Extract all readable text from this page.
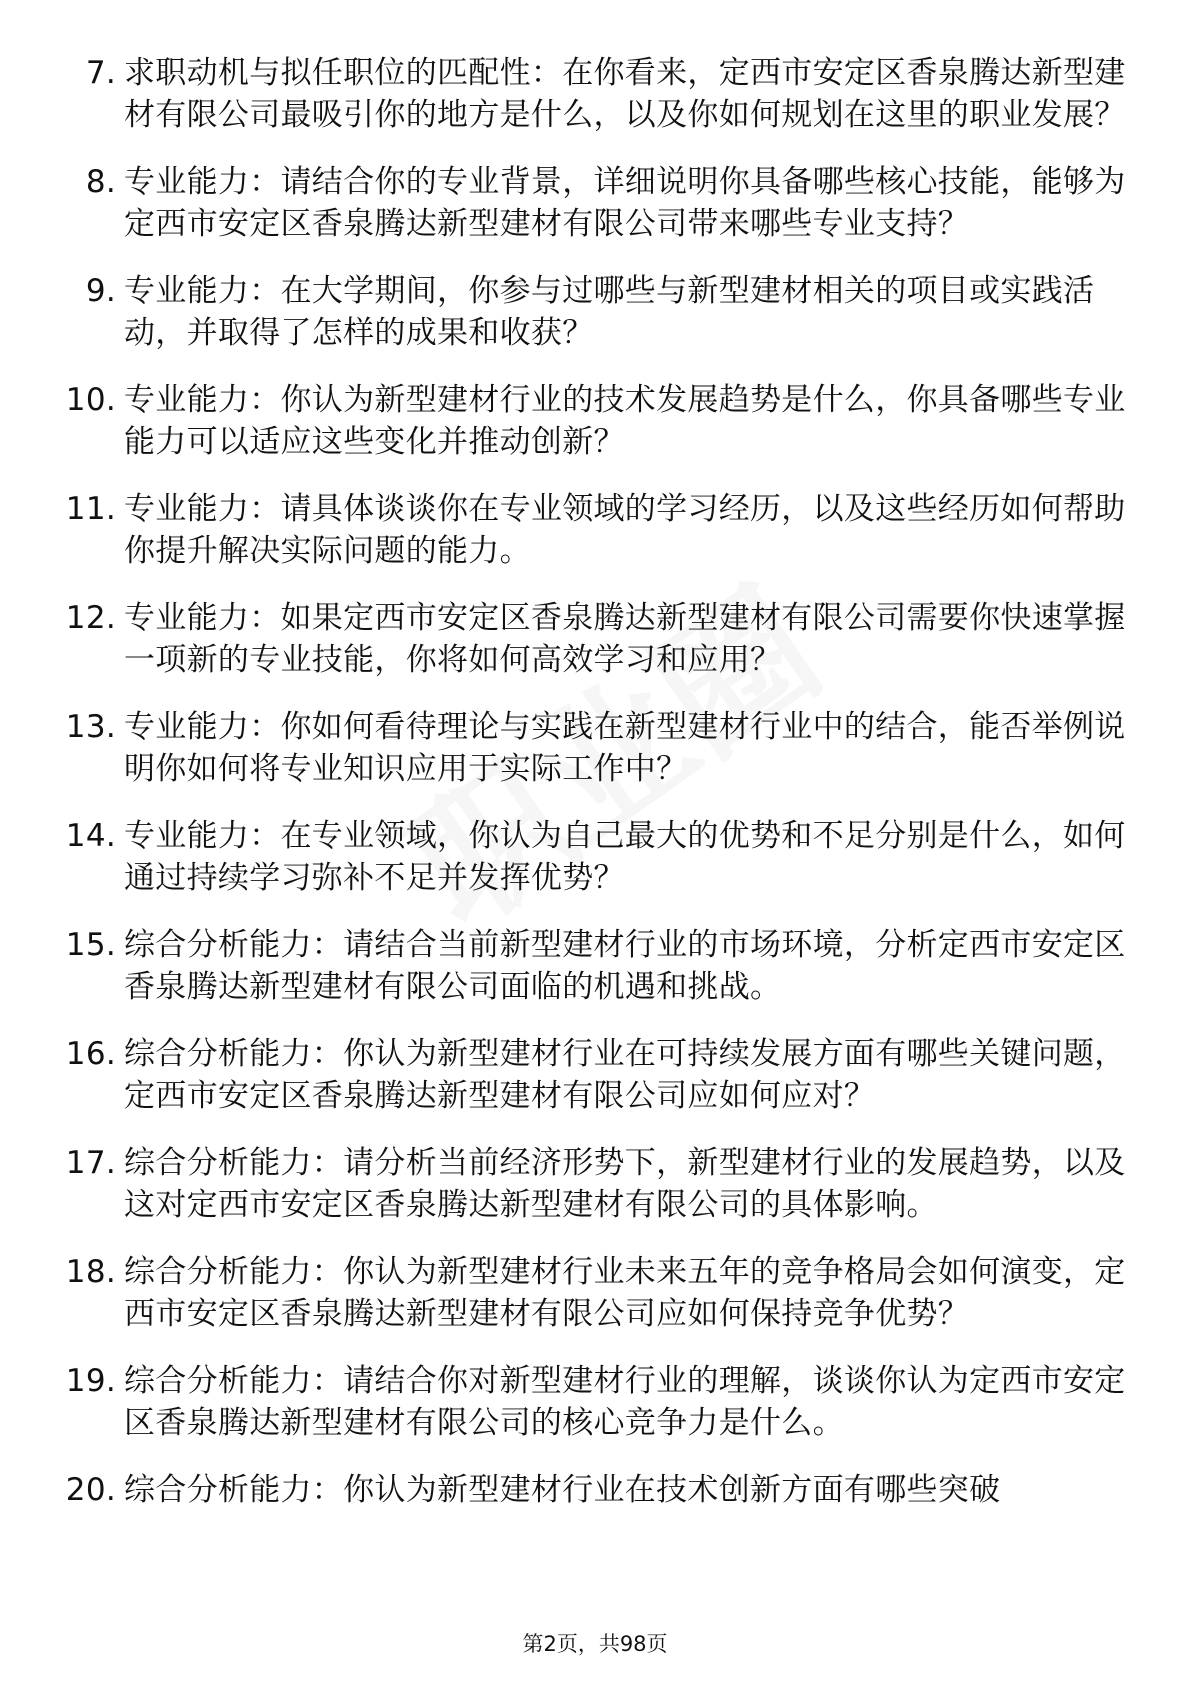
7. 求职动机与拟任职位的匹配性：在你看来，定西市安定区香泉腾达新型建材有限公司最吸引你的地方是什么，以及你如何规划在这里的职业发展？
8. 专业能力：请结合你的专业背景，详细说明你具备哪些核心技能，能够为定西市安定区香泉腾达新型建材有限公司带来哪些专业支持？
9. 专业能力：在大学期间，你参与过哪些与新型建材相关的项目或实践活动，并取得了怎样的成果和收获？
10. 专业能力：你认为新型建材行业的技术发展趋势是什么，你具备哪些专业能力可以适应这些变化并推动创新？
11. 专业能力：请具体谈谈你在专业领域的学习经历，以及这些经历如何帮助你提升解决实际问题的能力。
12. 专业能力：如果定西市安定区香泉腾达新型建材有限公司需要你快速掌握一项新的专业技能，你将如何高效学习和应用？
13. 专业能力：你如何看待理论与实践在新型建材行业中的结合，能否举例说明你如何将专业知识应用于实际工作中？
14. 专业能力：在专业领域，你认为自己最大的优势和不足分别是什么，如何通过持续学习弥补不足并发挥优势？
15. 综合分析能力：请结合当前新型建材行业的市场环境，分析定西市安定区香泉腾达新型建材有限公司面临的机遇和挑战。
16. 综合分析能力：你认为新型建材行业在可持续发展方面有哪些关键问题，定西市安定区香泉腾达新型建材有限公司应如何应对？
17. 综合分析能力：请分析当前经济形势下，新型建材行业的发展趋势，以及这对定西市安定区香泉腾达新型建材有限公司的具体影响。
18. 综合分析能力：你认为新型建材行业未来五年的竞争格局会如何演变，定西市安定区香泉腾达新型建材有限公司应如何保持竞争优势？
19. 综合分析能力：请结合你对新型建材行业的理解，谈谈你认为定西市安定区香泉腾达新型建材有限公司的核心竞争力是什么。
20. 综合分析能力：你认为新型建材行业在技术创新方面有哪些突破
第2页，共98页
